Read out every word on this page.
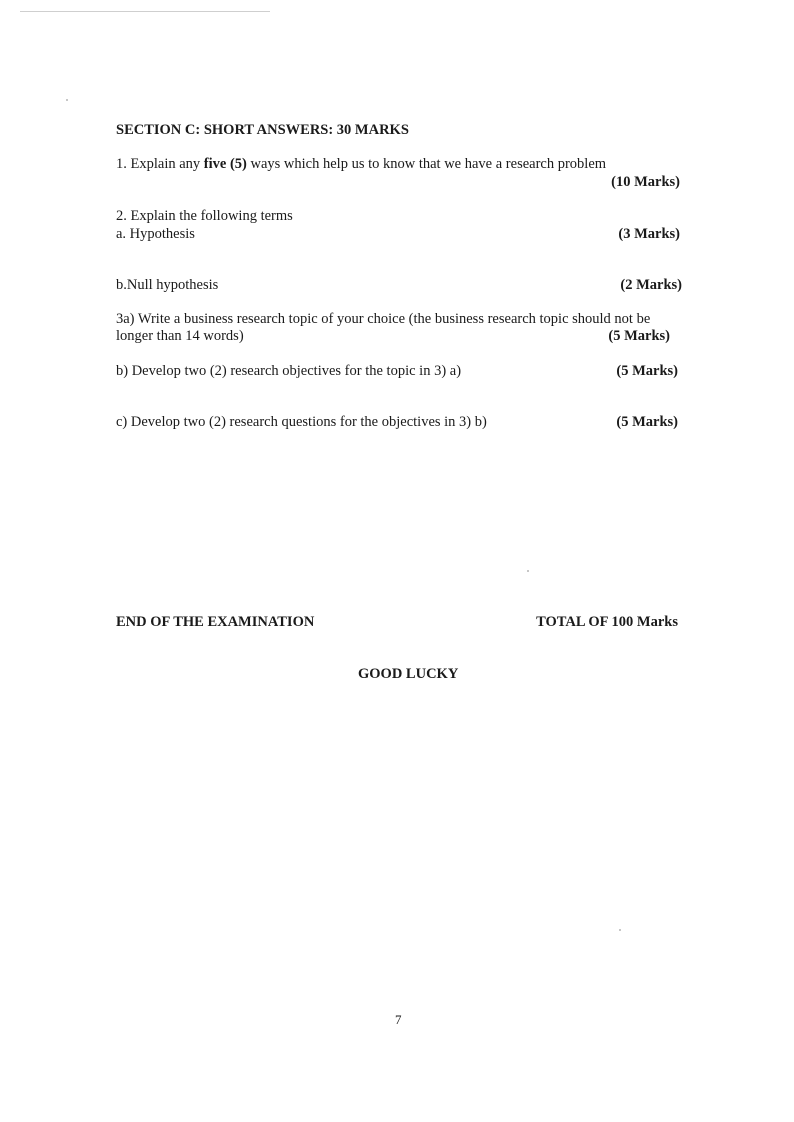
SECTION C: SHORT ANSWERS: 30 MARKS
1. Explain any five (5) ways which help us to know that we have a research problem
(10 Marks)
2. Explain the following terms
a. Hypothesis	(3 Marks)
b.Null hypothesis	(2 Marks)
3a) Write a business research topic of your choice (the business research topic should not be
longer than 14 words)	(5 Marks)
b) Develop two (2) research objectives for the topic in 3) a)	(5 Marks)
c) Develop two (2) research questions for the objectives in 3) b)	(5 Marks)
END OF THE EXAMINATION	TOTAL OF 100 Marks
GOOD LUCKY
7
